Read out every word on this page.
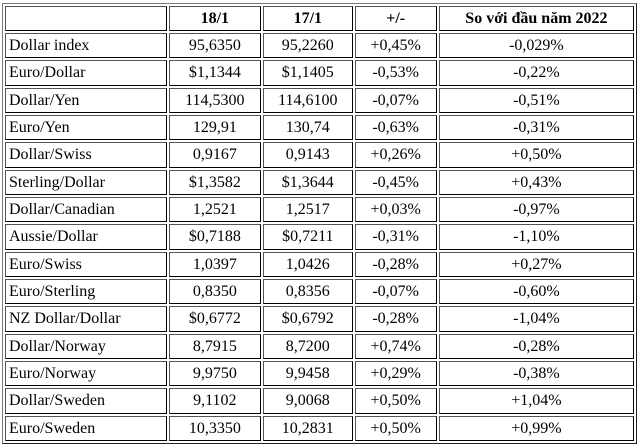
	18/1	17/1	+/-	So với đầu năm 2022
Dollar index	95,6350	95,2260	+0,45%	-0,029%
Euro/Dollar	$1,1344	$1,1405	-0,53%	-0,22%
Dollar/Yen	114,5300	114,6100	-0,07%	-0,51%
Euro/Yen	129,91	130,74	-0,63%	-0,31%
Dollar/Swiss	0,9167	0,9143	+0,26%	+0,50%
Sterling/Dollar	$1,3582	$1,3644	-0,45%	+0,43%
Dollar/Canadian	1,2521	1,2517	+0,03%	-0,97%
Aussie/Dollar	$0,7188	$0,7211	-0,31%	-1,10%
Euro/Swiss	1,0397	1,0426	-0,28%	+0,27%
Euro/Sterling	0,8350	0,8356	-0,07%	-0,60%
NZ Dollar/Dollar	$0,6772	$0,6792	-0,28%	-1,04%
Dollar/Norway	8,7915	8,7200	+0,74%	-0,28%
Euro/Norway	9,9750	9,9458	+0,29%	-0,38%
Dollar/Sweden	9,1102	9,0068	+0,50%	+1,04%
Euro/Sweden	10,3350	10,2831	+0,50%	+0,99%
